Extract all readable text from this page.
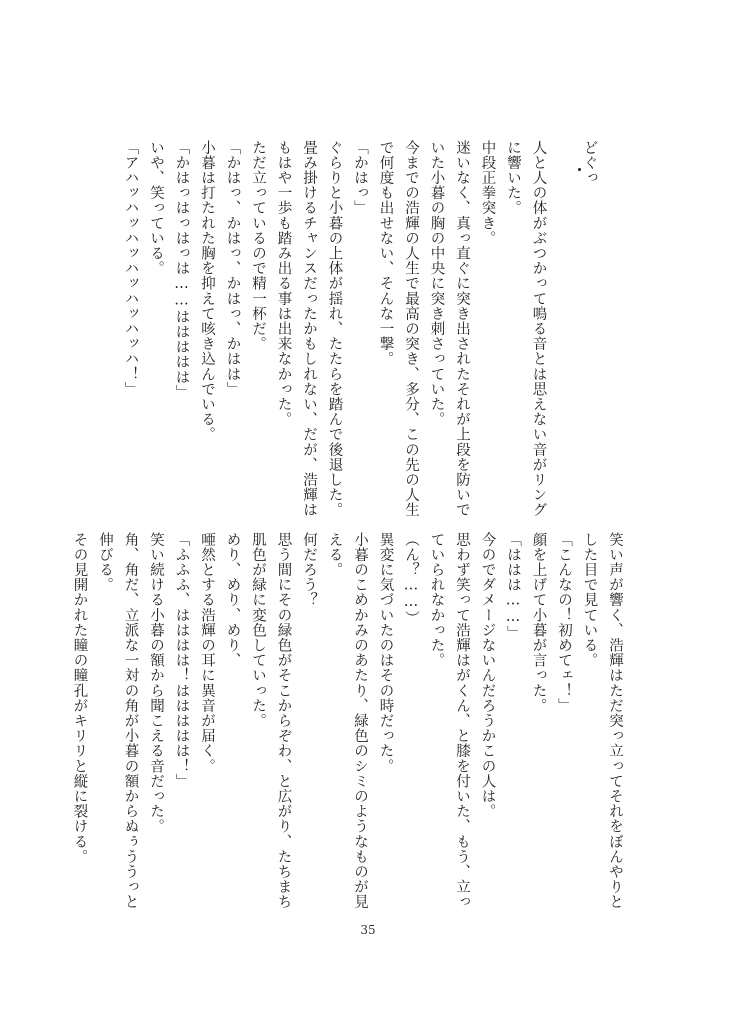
どぐっ
人と人の体がぶつかって鳴る音とは思えない音がリング
に響いた。
中段正拳突き。
迷いなく、真っ直ぐに突き出されたそれが上段を防いで
いた小暮の胸の中央に突き刺さっていた。
今までの浩輝の人生で最高の突き、多分、この先の人生
で何度も出せない、そんな一撃。
「かはっ」
ぐらりと小暮の上体が揺れ、たたらを踏んで後退した。
畳み掛けるチャンスだったかもしれない、だが、浩輝は
もはや一歩も踏み出る事は出来なかった。
ただ立っているので精一杯だ。
「かはっ、かはっ、かはっ、かはは」
小暮は打たれた胸を抑えて咳き込んでいる。
「かはっはっはっは……ははははは」
いや、笑っている。
「アハッハッハッハッハッハッハ！」
笑い声が響く、浩輝はただ突っ立ってそれをぼんやりと
した目で見ている。
「こんなの！初めてェ！」
顔を上げて小暮が言った。
「ははは……」
今のでダメージないんだろうかこの人は。
思わず笑って浩輝はがくん、と膝を付いた、もう、立っ
ていられなかった。
（ん？……）
異変に気づいたのはその時だった。
小暮のこめかみのあたり、緑色のシミのようなものが見
える。
何だろう？
思う間にその緑色がそこからぞわ、と広がり、たちまち
肌色が緑に変色していった。
めり、めり、めり、
唖然とする浩輝の耳に異音が届く。
「ふふふ、はははは！ははははは！」
笑い続ける小暮の額から聞こえる音だった。
角、角だ、立派な一対の角が小暮の額からぬぅううっと
伸びる。
その見開かれた瞳の瞳孔がキリリと縦に裂ける。
35
